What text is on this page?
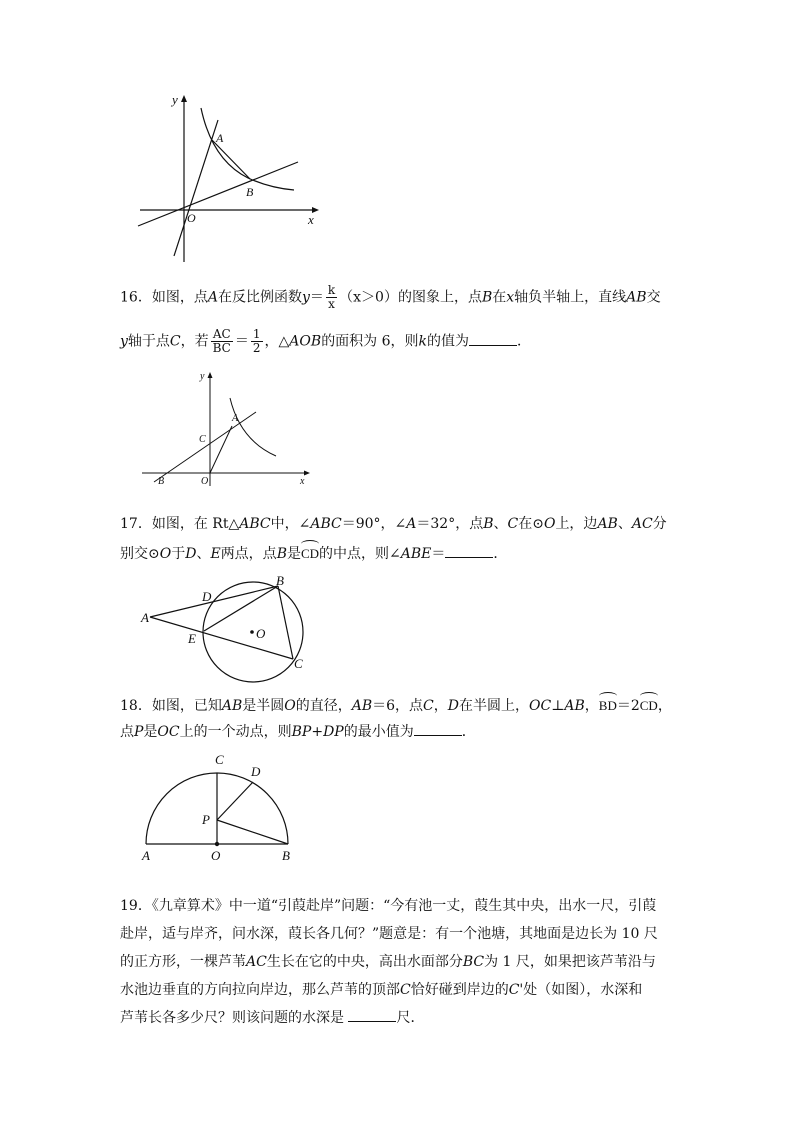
y
x
A
B
O
16．如图，点A在反比例函数$y= \frac{k}{x} (x>0)$的图象上，点B在x轴负半轴上，直线AB交
y轴于点C，若 $\frac{AC}{BC} = \frac{1}{2}$ ，△AOB的面积为 6，则k的值为	．
y
x
A
C
B	O
17．如图，在 Rt△ABC中，∠ABC＝90°，∠A＝32°，点B、C在⊙O上，边AB、AC分
别交⊙O于D、E两点，点B是CD的中点，则∠ABE＝	．
A
B
C
D
E	O
18．如图，已知AB是半圆O的直径，AB＝6，点C，D在半圆上，OC⊥AB，BD＝2CD，
点P是OC上的一个动点，则BP+DP的最小值为	．
A	O	B
C
D
P
19．《九章算术》中一道“引葭赴岸”问题：“今有池一丈，葭生其中央，出水一尺，引葭
赴岸，适与岸齐，问水深，葭长各几何？”题意是：有一个池塘，其地面是边长为 10 尺
的正方形，一棵芦苇AC生长在它的中央，高出水面部分BC为 1 尺，如果把该芦苇沿与
水池边垂直的方向拉向岸边，那么芦苇的顶部C恰好碰到岸边的C'处（如图），水深和
芦苇长各多少尺？则该问题的水深是	尺．
